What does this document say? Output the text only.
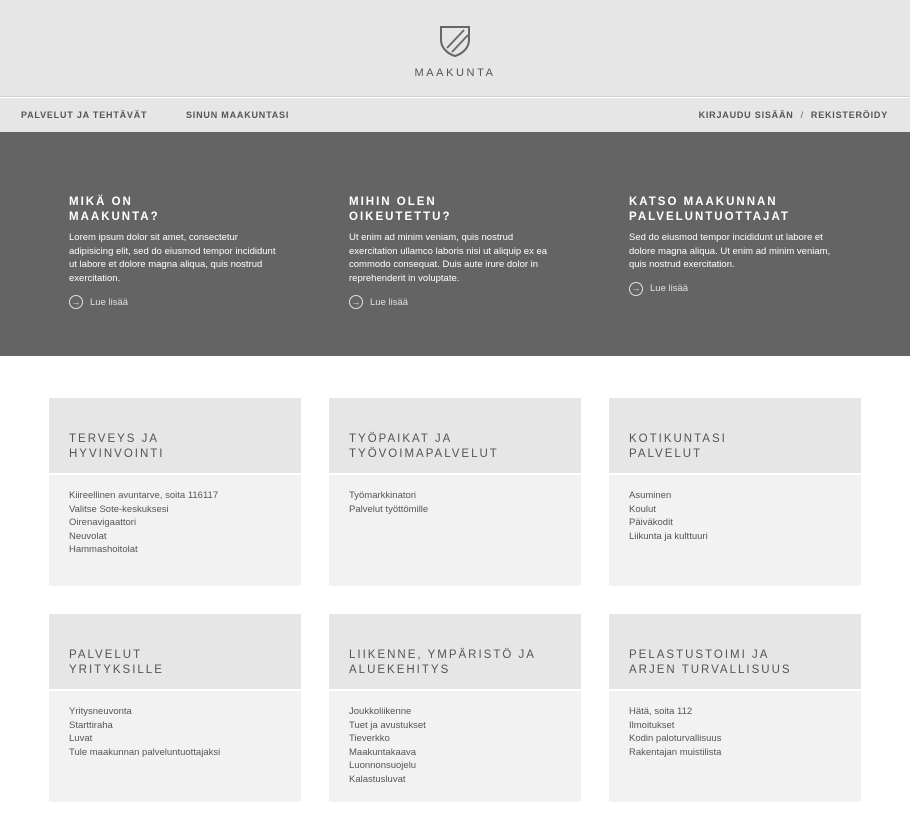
MAAKUNTA
PALVELUT JA TEHTÄVÄT	SINUN MAAKUNTASI	KIRJAUDU SISÄÄN / REKISTERÖIDY
MIKÄ ON
MAAKUNTA?

Lorem ipsum dolor sit amet, consectetur adipisicing elit, sed do eiusmod tempor incididunt ut labore et dolore magna aliqua, quis nostrud exercitation.

→ Lue lisää
MIHIN OLEN
OIKEUTETTU?

Ut enim ad minim veniam, quis nostrud exercitation ullamco laboris nisi ut aliquip ex ea commodo consequat. Duis aute irure dolor in reprehenderit in voluptate.

→ Lue lisää
KATSO MAAKUNNAN
PALVELUNTUOTTAJAT

Sed do eiusmod tempor incididunt ut labore et dolore magna aliqua. Ut enim ad minim veniam, quis nostrud exercitation.

→ Lue lisää
TERVEYS JA
HYVINVOINTI
Kiireellinen avuntarve, soita 116117
Valitse Sote-keskuksesi
Oirenavigaattori
Neuvolat
Hammashoitolat
TYÖPAIKAT JA
TYÖVOIMAPALVELUT
Työmarkkinatori
Palvelut työttömille
KOTIKUNTASI
PALVELUT
Asuminen
Koulut
Päiväkodit
Liikunta ja kulttuuri
PALVELUT
YRITYKSILLE
Yritysneuvonta
Starttiraha
Luvat
Tule maakunnan palveluntuottajaksi
LIIKENNE, YMPÄRISTÖ JA
ALUEKEHITYS
Joukkoliikenne
Tuet ja avustukset
Tieverkko
Maakuntakaava
Luonnonsuojelu
Kalastusluvat
PELASTUSTOIMI JA
ARJEN TURVALLISUUS
Hätä, soita 112
Ilmoitukset
Kodin paloturvallisuus
Rakentajan muistilista
